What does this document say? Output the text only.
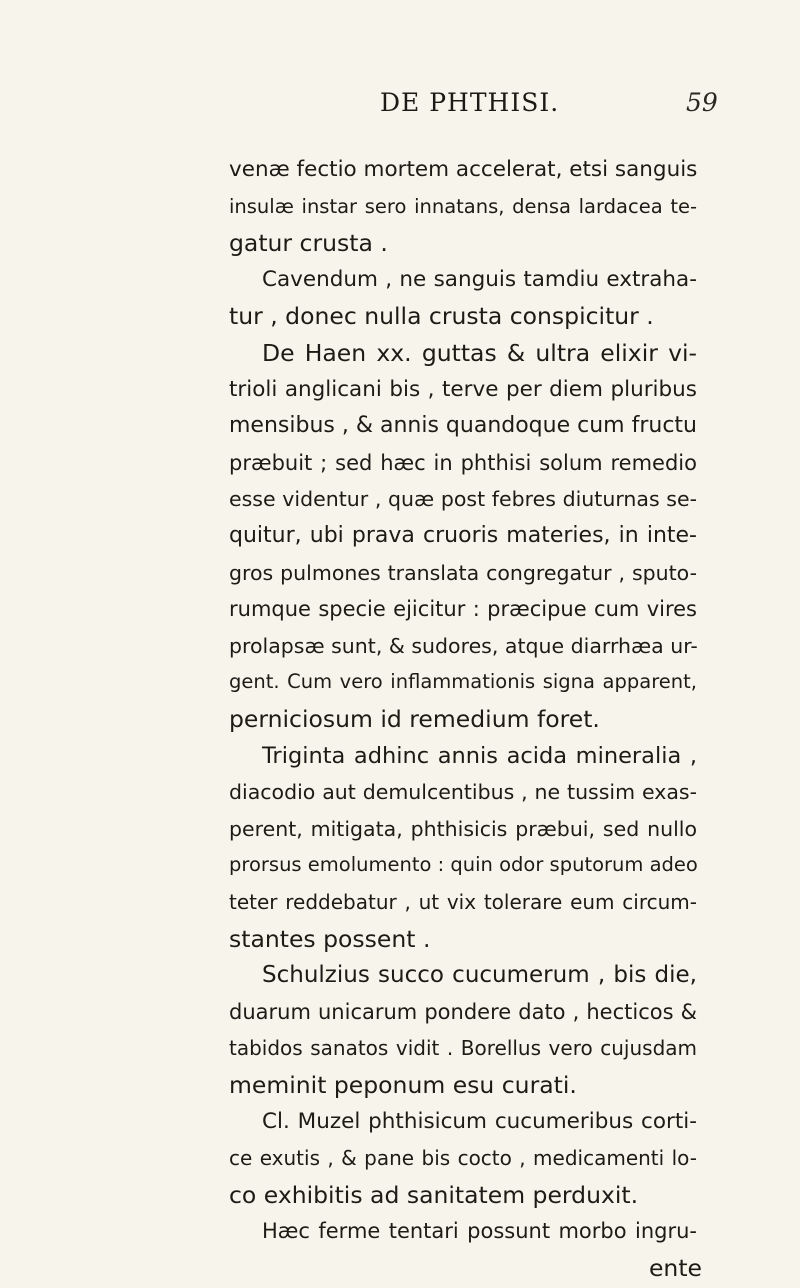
DE PHTHISI.	59
venæ fectio mortem accelerat, etsi sanguis
insulæ instar sero innatans, densa lardacea te-
gatur crusta .
Cavendum , ne sanguis tamdiu extraha-
tur , donec nulla crusta conspicitur .
De Haen xx. guttas & ultra elixir vi-
trioli anglicani bis , terve per diem pluribus
mensibus , & annis quandoque cum fructu
præbuit ; sed hæc in phthisi solum remedio
esse videntur , quæ post febres diuturnas se-
quitur, ubi prava cruoris materies, in inte-
gros pulmones translata congregatur , sputo-
rumque specie ejicitur : præcipue cum vires
prolapsæ sunt, & sudores, atque diarrhæa ur-
gent. Cum vero inflammationis signa apparent,
perniciosum id remedium foret.
Triginta adhinc annis acida mineralia ,
diacodio aut demulcentibus , ne tussim exas-
perent, mitigata, phthisicis præbui, sed nullo
prorsus emolumento : quin odor sputorum adeo
teter reddebatur , ut vix tolerare eum circum-
stantes possent .
Schulzius succo cucumerum , bis die,
duarum unicarum pondere dato , hecticos &
tabidos sanatos vidit . Borellus vero cujusdam
meminit peponum esu curati.
Cl. Muzel phthisicum cucumeribus corti-
ce exutis , & pane bis cocto , medicamenti lo-
co exhibitis ad sanitatem perduxit.
Hæc ferme tentari possunt morbo ingru-
ente
